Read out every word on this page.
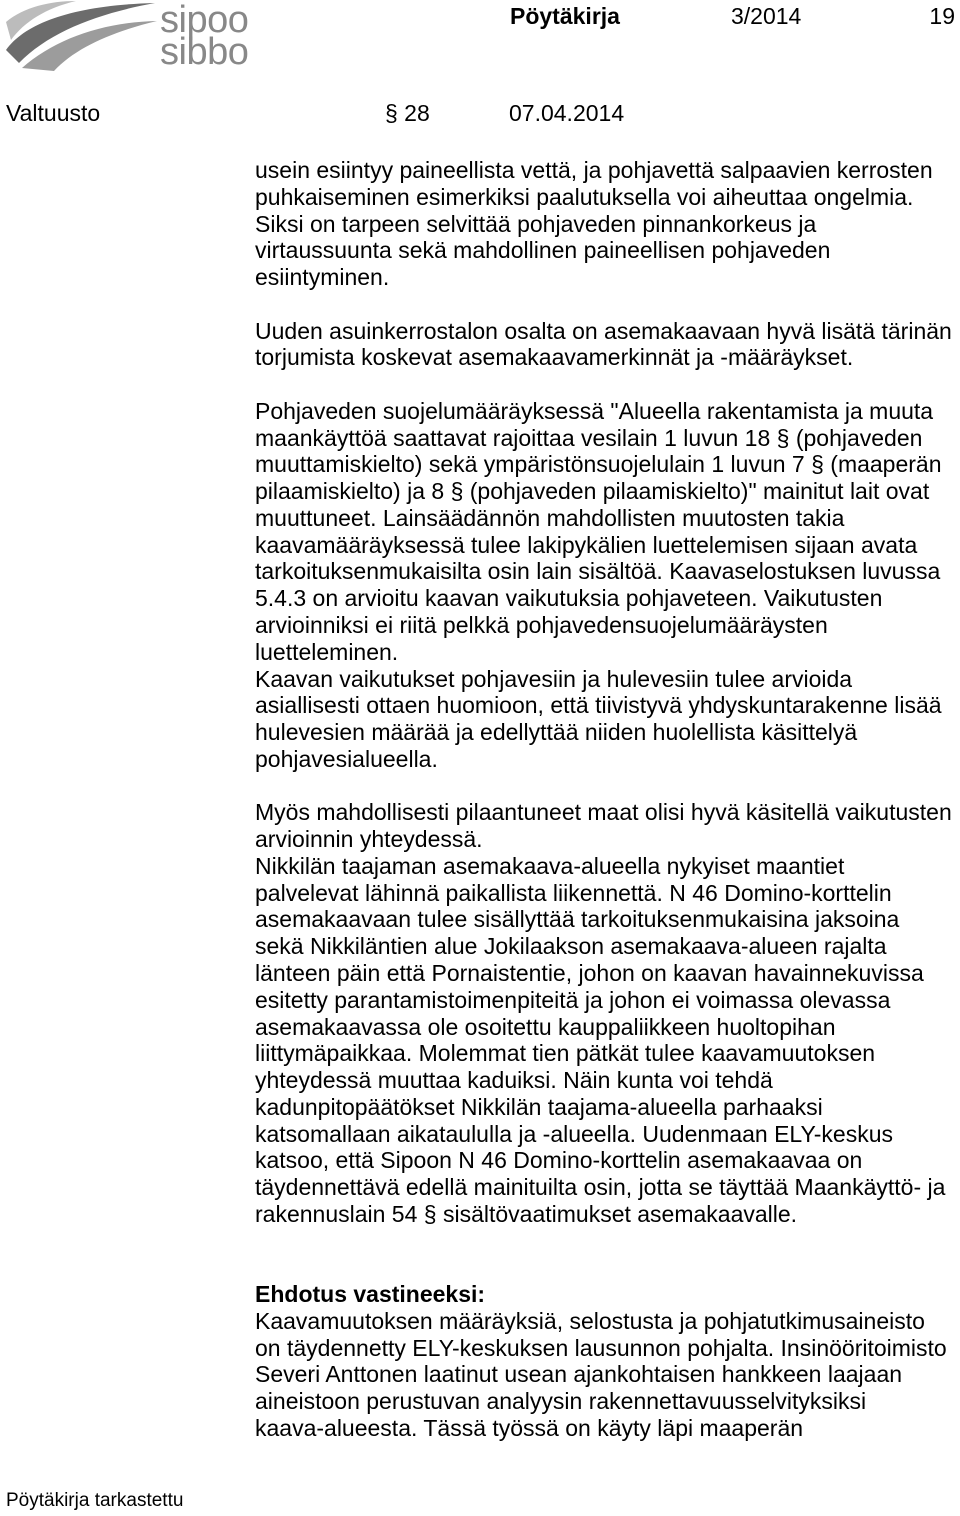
sipoo
sibbo
Pöytäkirja	3/2014	19
Valtuusto	§ 28	07.04.2014
usein esiintyy paineellista vettä, ja pohjavettä salpaavien kerrosten
puhkaiseminen esimerkiksi paalutuksella voi aiheuttaa ongelmia.
Siksi on tarpeen selvittää pohjaveden pinnankorkeus ja
virtaussuunta sekä mahdollinen paineellisen pohjaveden
esiintyminen.
Uuden asuinkerrostalon osalta on asemakaavaan hyvä lisätä tärinän
torjumista koskevat asemakaavamerkinnät ja -määräykset.
Pohjaveden suojelumääräyksessä "Alueella rakentamista ja muuta
maankäyttöä saattavat rajoittaa vesilain 1 luvun 18 § (pohjaveden
muuttamiskielto) sekä ympäristönsuojelulain 1 luvun 7 § (maaperän
pilaamiskielto) ja 8 § (pohjaveden pilaamiskielto)" mainitut lait ovat
muuttuneet. Lainsäädännön mahdollisten muutosten takia
kaavamääräyksessä tulee lakipykälien luettelemisen sijaan avata
tarkoituksenmukaisilta osin lain sisältöä. Kaavaselostuksen luvussa
5.4.3 on arvioitu kaavan vaikutuksia pohjaveteen. Vaikutusten
arvioinniksi ei riitä pelkkä pohjavedensuojelumääräysten
luetteleminen.
Kaavan vaikutukset pohjavesiin ja hulevesiin tulee arvioida
asiallisesti ottaen huomioon, että tiivistyvä yhdyskuntarakenne lisää
hulevesien määrää ja edellyttää niiden huolellista käsittelyä
pohjavesialueella.
Myös mahdollisesti pilaantuneet maat olisi hyvä käsitellä vaikutusten
arvioinnin yhteydessä.
Nikkilän taajaman asemakaava-alueella nykyiset maantiet
palvelevat lähinnä paikallista liikennettä. N 46 Domino-korttelin
asemakaavaan tulee sisällyttää tarkoituksenmukaisina jaksoina
sekä Nikkiläntien alue Jokilaakson asemakaava-alueen rajalta
länteen päin että Pornaistentie, johon on kaavan havainnekuvissa
esitetty parantamistoimenpiteitä ja johon ei voimassa olevassa
asemakaavassa ole osoitettu kauppaliikkeen huoltopihan
liittymäpaikkaa. Molemmat tien pätkät tulee kaavamuutoksen
yhteydessä muuttaa kaduiksi. Näin kunta voi tehdä
kadunpitopäätökset Nikkilän taajama-alueella parhaaksi
katsomallaan aikataululla ja -alueella. Uudenmaan ELY-keskus
katsoo, että Sipoon N 46 Domino-korttelin asemakaavaa on
täydennettävä edellä mainituilta osin, jotta se täyttää Maankäyttö- ja
rakennuslain 54 § sisältövaatimukset asemakaavalle.
Ehdotus vastineeksi:
Kaavamuutoksen määräyksiä, selostusta ja pohjatutkimusaineisto
on täydennetty ELY-keskuksen lausunnon pohjalta. Insinööritoimisto
Severi Anttonen laatinut usean ajankohtaisen hankkeen laajaan
aineistoon perustuvan analyysin rakennettavuusselvityksiksi
kaava-alueesta. Tässä työssä on käyty läpi maaperän
Pöytäkirja tarkastettu
